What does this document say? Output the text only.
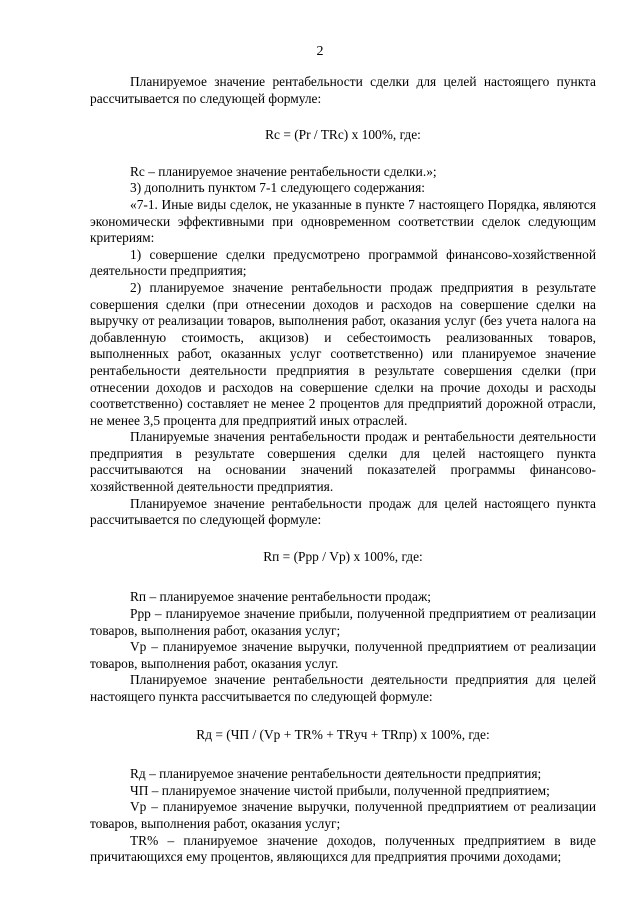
2

Планируемое значение рентабельности сделки для целей настоящего пункта рассчитывается по следующей формуле:

Rс = (Pr / TRс) x 100%, где:

Rс – планируемое значение рентабельности сделки.»;

3) дополнить пунктом 7-1 следующего содержания:

«7-1. Иные виды сделок, не указанные в пункте 7 настоящего Порядка, являются экономически эффективными при одновременном соответствии сделок следующим критериям:

1) совершение сделки предусмотрено программой финансово-хозяйственной деятельности предприятия;

2) планируемое значение рентабельности продаж предприятия в результате совершения сделки (при отнесении доходов и расходов на совершение сделки на выручку от реализации товаров, выполнения работ, оказания услуг (без учета налога на добавленную стоимость, акцизов) и себестоимость реализованных товаров, выполненных работ, оказанных услуг соответственно) или планируемое значение рентабельности деятельности предприятия в результате совершения сделки (при отнесении доходов и расходов на совершение сделки на прочие доходы и расходы соответственно) составляет не менее 2 процентов для предприятий дорожной отрасли, не менее 3,5 процента для предприятий иных отраслей.

Планируемые значения рентабельности продаж и рентабельности деятельности предприятия в результате совершения сделки для целей настоящего пункта рассчитываются на основании значений показателей программы финансово-хозяйственной деятельности предприятия.

Планируемое значение рентабельности продаж для целей настоящего пункта рассчитывается по следующей формуле:

Rп = (Ррр / Vр) x 100%, где:

Rп – планируемое значение рентабельности продаж;

Ррр – планируемое значение прибыли, полученной предприятием от реализации товаров, выполнения работ, оказания услуг;

Vр – планируемое значение выручки, полученной предприятием от реализации товаров, выполнения работ, оказания услуг.

Планируемое значение рентабельности деятельности предприятия для целей настоящего пункта рассчитывается по следующей формуле:

Rд = (ЧП / (Vр + TR% + TRуч + TRпр) x 100%, где:

Rд – планируемое значение рентабельности деятельности предприятия;

ЧП – планируемое значение чистой прибыли, полученной предприятием;

Vр – планируемое значение выручки, полученной предприятием от реализации товаров, выполнения работ, оказания услуг;

TR% – планируемое значение доходов, полученных предприятием в виде причитающихся ему процентов, являющихся для предприятия прочими доходами;
